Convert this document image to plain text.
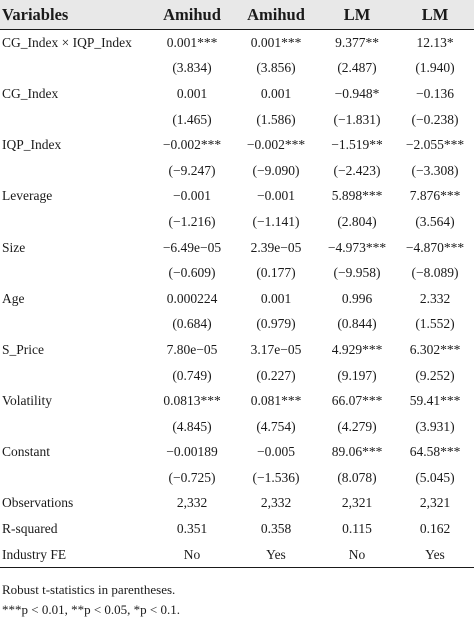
Variables	Amihud	Amihud	LM	LM
CG_Index × IQP_Index	0.001***	0.001***	9.377**	12.13*
	(3.834)	(3.856)	(2.487)	(1.940)
CG_Index	0.001	0.001	−0.948*	−0.136
	(1.465)	(1.586)	(−1.831)	(−0.238)
IQP_Index	−0.002***	−0.002***	−1.519**	−2.055***
	(−9.247)	(−9.090)	(−2.423)	(−3.308)
Leverage	−0.001	−0.001	5.898***	7.876***
	(−1.216)	(−1.141)	(2.804)	(3.564)
Size	−6.49e−05	2.39e−05	−4.973***	−4.870***
	(−0.609)	(0.177)	(−9.958)	(−8.089)
Age	0.000224	0.001	0.996	2.332
	(0.684)	(0.979)	(0.844)	(1.552)
S_Price	7.80e−05	3.17e−05	4.929***	6.302***
	(0.749)	(0.227)	(9.197)	(9.252)
Volatility	0.0813***	0.081***	66.07***	59.41***
	(4.845)	(4.754)	(4.279)	(3.931)
Constant	−0.00189	−0.005	89.06***	64.58***
	(−0.725)	(−1.536)	(8.078)	(5.045)
Observations	2,332	2,332	2,321	2,321
R-squared	0.351	0.358	0.115	0.162
Industry FE	No	Yes	No	Yes
Robust t-statistics in parentheses.
***p < 0.01, **p < 0.05, *p < 0.1.
